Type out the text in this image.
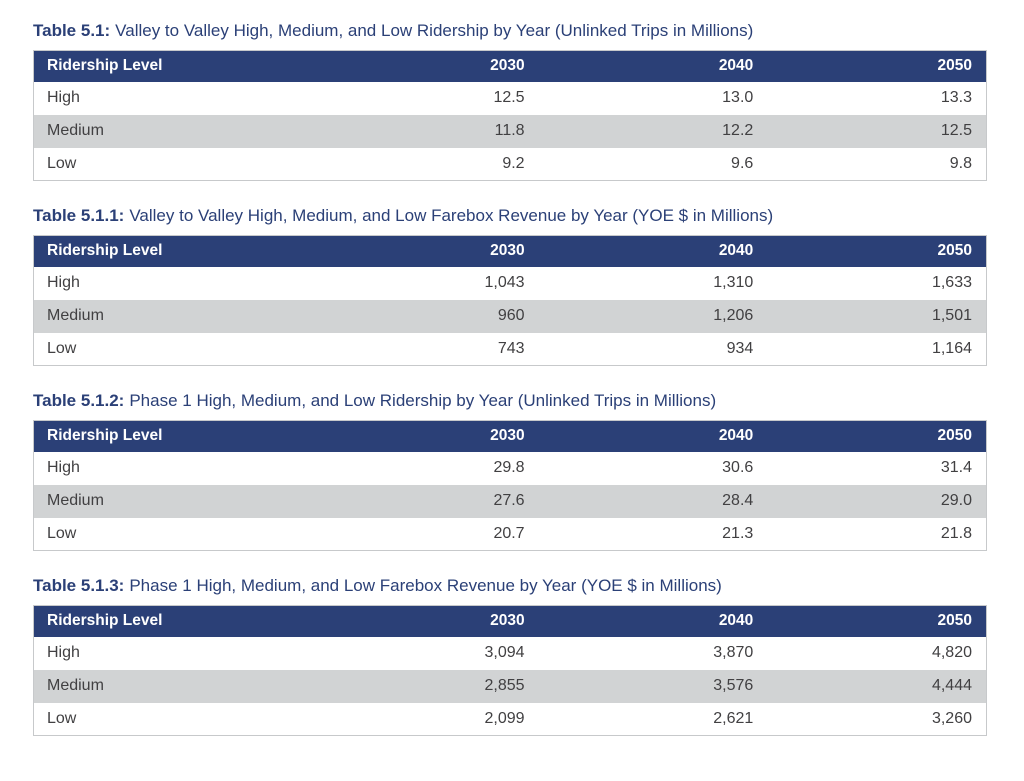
Table 5.1: Valley to Valley High, Medium, and Low Ridership by Year (Unlinked Trips in Millions)

Ridership Level	2030	2040	2050
High	12.5	13.0	13.3
Medium	11.8	12.2	12.5
Low	9.2	9.6	9.8

Table 5.1.1: Valley to Valley High, Medium, and Low Farebox Revenue by Year (YOE $ in Millions)

Ridership Level	2030	2040	2050
High	1,043	1,310	1,633
Medium	960	1,206	1,501
Low	743	934	1,164

Table 5.1.2: Phase 1 High, Medium, and Low Ridership by Year (Unlinked Trips in Millions)

Ridership Level	2030	2040	2050
High	29.8	30.6	31.4
Medium	27.6	28.4	29.0
Low	20.7	21.3	21.8

Table 5.1.3: Phase 1 High, Medium, and Low Farebox Revenue by Year (YOE $ in Millions)

Ridership Level	2030	2040	2050
High	3,094	3,870	4,820
Medium	2,855	3,576	4,444
Low	2,099	2,621	3,260
